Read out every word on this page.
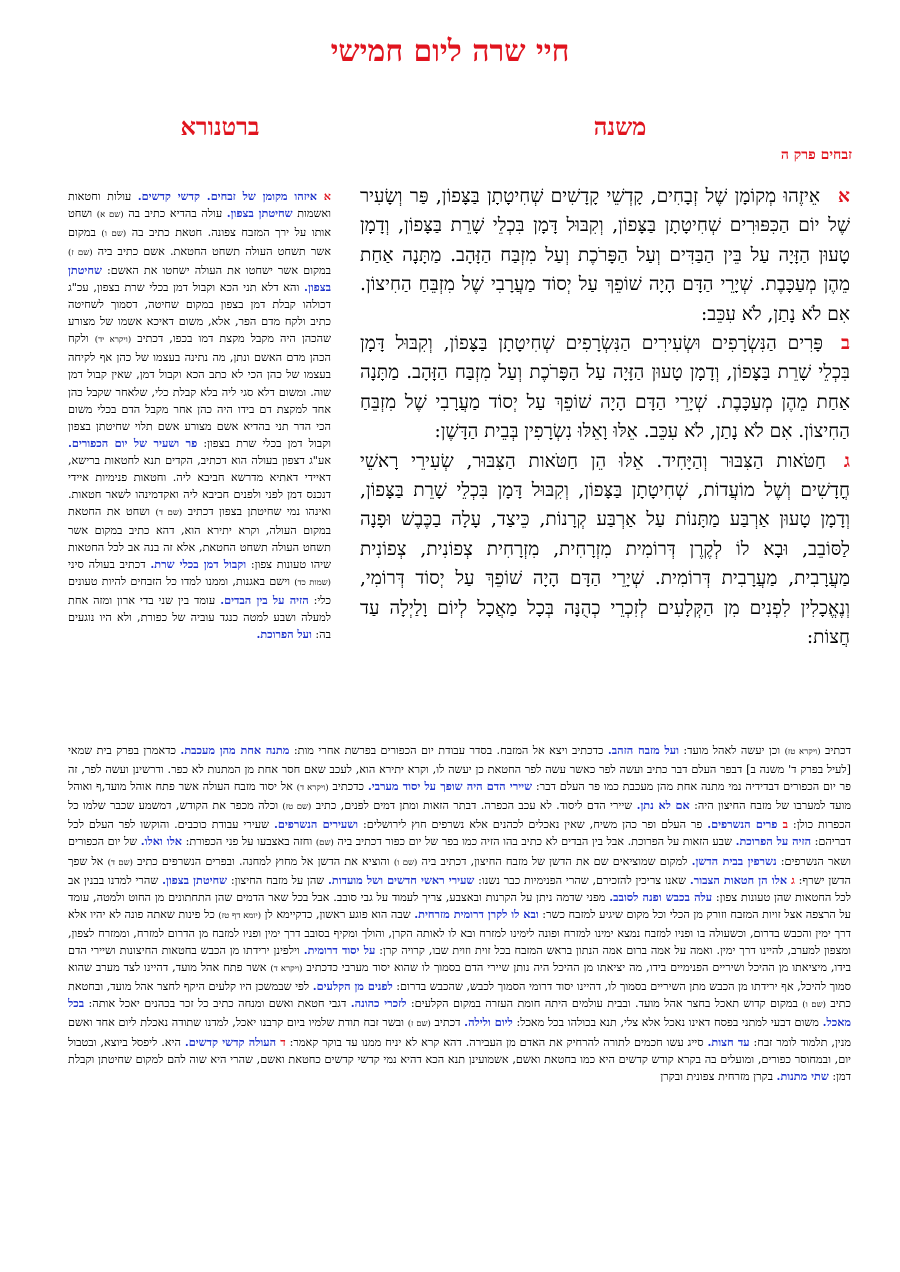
חיי שרה ליום חמישי
משנה
ברטנורא
זבחים פרק ה

אאֵיזֶהוּ מְקוֹמָן שֶׁל זְבָחִים, קָדְשֵׁי קָדָשִׁים שְׁחִיטָתָן בַּצָּפוֹן, פַּר וְשָׂעִיר שֶׁל יוֹם הַכִּפּוּרִים שְׁחִיטָתָן בַּצָּפוֹן, וְקִבּוּל דָּמָן בִּכְלֵי שָׁרֵת בַּצָּפוֹן, וְדָמָן טָעוּן הַזָּיָה עַל בֵּין הַבַּדִּים וְעַל הַפָּרֹכֶת וְעַל מִזְבַּח הַזָּהָב. מַתָּנָה אַחַת מֵהֶן מְעַכָּבֶת. שְׁיָרֵי הַדָּם הָיָה שׁוֹפֵךְ עַל יְסוֹד מַעֲרָבִי שֶׁל מִזְבֵּחַ הַחִיצוֹן. אִם לֹא נָתַן, לֹא עִכֵּב:

בפָּרִים הַנִּשְׂרָפִים וּשְׂעִירִים הַנִּשְׂרָפִים שְׁחִיטָתָן בַּצָּפוֹן, וְקִבּוּל דָּמָן בִּכְלֵי שָׁרֵת בַּצָּפוֹן, וְדָמָן טָעוּן הַזָּיָה עַל הַפָּרֹכֶת וְעַל מִזְבַּח הַזָּהָב. מַתָּנָה אַחַת מֵהֶן מְעַכָּבֶת. שְׁיָרֵי הַדָּם הָיָה שׁוֹפֵךְ עַל יְסוֹד מַעֲרָבִי שֶׁל מִזְבֵּחַ הַחִיצוֹן. אִם לֹא נָתַן, לֹא עִכֵּב. אֵלּוּ וָאֵלּוּ נִשְׂרָפִין בְּבֵית הַדָּשֶׁן:

גחַטֹּאות הַצִּבּוּר וְהַיָּחִיד. אֵלּוּ הֵן חַטֹּאות הַצִּבּוּר, שְׂעִירֵי רָאשֵׁי חֳדָשִׁים וְשֶׁל מוֹעֲדוֹת, שְׁחִיטָתָן בַּצָּפוֹן, וְקִבּוּל דָּמָן בִּכְלֵי שָׁרֵת בַּצָּפוֹן, וְדָמָן טָעוּן אַרְבַּע מַתָּנוֹת עַל אַרְבַּע קְרָנוֹת, כֵּיצַד, עָלָה בַכֶּבֶשׁ וּפָנָה לַסּוֹבֵב, וּבָא לוֹ לְקֶרֶן דְּרוֹמִית מִזְרָחִית, מִזְרָחִית צְפוֹנִית, צְפוֹנִית מַעֲרָבִית, מַעֲרָבִית דְּרוֹמִית. שְׁיָרֵי הַדָּם הָיָה שׁוֹפֵךְ עַל יְסוֹד דְּרוֹמִי, וְנֶאֱכָלִין לִפְנִים מִן הַקְּלָעִים לְזִכְרֵי כְהֻנָּה בְּכָל מַאֲכָל לְיוֹם וָלַיְלָה עַד חֲצוֹת:

א איזהו מקומן של זבחים. קדשי קדשים. עולות וחטאות ואשמות שחיטתן בצפון. עולה בהדיא כתיב בה (שם א) ושחט אותו על ירך המזבח צפונה. חטאת כתיב בה (שם ו) במקום אשר תשחט העולה תשחט החטאת. אשם כתיב ביה (שם ז) במקום אשר ישחטו את העולה ישחטו את האשם: שחיטתן בצפון. והא דלא תני הכא וקבול דמן בכלי שרת בצפון, עכ"ג דכולהו קבלת דמן בצפון במקום שחיטה, דסמוך לשחיטה כתיב ולקח מדם הפר, אלא, משום דאיכא אשמו של מצורע שהכהן היה מקבל מקצת דמו בכפו, דכתיב (ויקרא יד) ולקח הכהן מדם האשם ונתן, מה נתינה בעצמו של כהן אף לקיחה בעצמו של כהן הכי לא כתב הכא וקבול דמן, שאין קבול דמן שוה. ומשום דלא סגי ליה בלא קבלת כלי, שלאחר שקבל כהן אחד למקצת דם בידו היה כהן אחר מקבל הדם בכלי משום הכי הדר תני בהדיא אשם מצורע אשם תלוי שחיטתן בצפון וקבול דמן בכלי שרת בצפון: פר ושעיר של יום הכפורים. אע"ג דצפון בעולה הוא דכתיב, הקדים תנא לחטאות ברישא, דאיידי דאתיא מדרשא חביבא ליה. וחטאות פנימיות איידי דנכנס דמן לפני ולפנים חביבא ליה ואקדמינהו לשאר חטאות. ואינהו נמי שחיטתן בצפון דכתיב (שם ד) ושחט את החטאת במקום העולה, וקרא יתירא הוא, דהא כתיב במקום אשר תשחט העולה תשחט החטאת, אלא זה בנה אב לכל החטאות שיהו טעונות צפון: וקבול דמן בכלי שרת. דכתיב בעולה סיני (שמות כד) וישם באגנות, וממנו למדו כל הזבחים להיות טעונים כלי: הזיה על בין הבדים. עומד בין שני בדי ארון ומזה אחת למעלה ושבע למטה כנגד עוביה של כפורת, ולא היו נוגעים בה: ועל הפרוכת.
דכתיב (ויקרא טז) וכן יעשה לאהל מועד: ועל מזבח הזהב. כדכתיב ויצא אל המזבח. בסדר עבודת יום הכפורים בפרשת אחרי מות: מתנה אחת מהן מעכבת. כדאמרן בפרק בית שמאי [לעיל בפרק ד' משנה ב] דבפר העלם דבר כתיב ועשה לפר כאשר עשה לפר החטאת כן יעשה לו, וקרא יתירא הוא, לעכב שאם חסר אחת מן המתנות לא כפר. ודרשינן ועשה לפר, זה פר יום הכפורים דבדידיה נמי מתנה אחת מהן מעכבת כמו פר העלם דבר: שיירי הדם היה שופך על יסוד מערבי. כדכתיב (ויקרא ד) אל יסוד מזבח העולה אשר פתח אוהל מועד,ף ואוהל מועד למערבו של מזבח החיצון היה: אם לא נתן. שיירי הדם ליסוד. לא עכב הכפרה. דבתר הזאות ומתן דמים לפנים, כתיב (שם טז) וכלה מכפר את הקודש, דמשמע שכבר שלמו כל הכפרות כולן: ב פרים הנשרפים. פר העלם ופר כהן משיח, שאין נאכלים לכהנים אלא נשרפים חוץ לירושלים: ושעירים הנשרפים. שעירי עבודת כוכבים. והוקשו לפר העלם לכל דבריהם: הזיה על הפרוכת. שבע הזאות על הפרוכת. אבל בין הבדים לא כתיב בהו הזיה כמו בפר של יום כפור דכתיב ביה (שם) וחזה באצבעו על פני הכפורת: אלו ואלו. של יום הכפורים ושאר הנשרפים: נשרפין בבית הדשן. למקום שמוציאים שם את הדשן של מזבח החיצון, דכתיב ביה (שם ו) והוציא את הדשן אל מחוץ למחנה. ובפרים הנשרפים כתיב (שם ד) אל שפך הדשן ישרף: ג אלו הן חטאות הצבור. שאנו צריכין להזכירם, שהרי הפנימיות כבר נשנו: שעירי ראשי חדשים ושל מועדות. שהן על מזבח החיצון: שחיטתן בצפון. שהרי למדנו בבנין אב לכל החטאות שהן טעונות צפון: עלה בכבש ופנה לסובב. מפני שדמה ניתן על הקרנות ובאצבע, צריך לעמוד על גבי סובב. אבל בכל שאר הדמים שהן התחתונים מן החוט ולמטה, עומד על הרצפה אצל זויות המזבח וזורק מן הכלי וכל מקום שיגיע למזבח כשר: ובא לו לקרן דרומית מזרחית. שבה הוא פוגע ראשון, כדקיימא לן (יומא דף טז) כל פינות שאתה פונה לא יהיו אלא דרך ימין והכבש בדרום, וכשעולה בו ופניו למזבח נמצא ימינו למזרח ופונה לימינו למזרח ובא לו לאותה הקרן, והולך ומקיף בסובב דרך ימין ופניו למזבח מן הדרום למזרח, וממזרח לצפון, ומצפון למערב, להיינו דרך ימין. ואמה על אמה ברום אמה הנתון בראש המזבח בכל זוית וזוית שבו, קרויה קרן: על יסוד דרומית. וילפינן ירידתו מן הכבש בחטאות החיצונות ושיירי הדם בידו, מיציאתו מן ההיכל ושיריים הפנימיים בידו, מה יציאתו מן ההיכל היה נותן שיירי הדם בסמוך לו שהוא יסוד מערבי כדכתיב (ויקרא ד) אשר פתח אהל מועד, דהיינו לצד מערב שהוא סמוך להיכל, אף ירידתו מן הכבש מתן השיריים בסמוך לו, דהיינו יסוד דרומי הסמוך לכבש, שהכבש בדרום: לפנים מן הקלעים. לפי שבמשכן היו קלעים היקף לחצר אהל מועד, ובחטאת כתיב (שם ו) במקום קדוש תאכל בחצר אהל מועד. ובבית עולמים היתה חומת העזרה במקום הקלעים: לזכרי כהונה. דגבי חטאת ואשם ומנחה כתיב כל זכר בכהנים יאכל אותה: בכל מאכל. משום דבעי למתני בפסח דאינו נאכל אלא צלי, תנא בכולהו בכל מאכל: ליום ולילה. דכתיב (שם ז) ובשר זבח תודת שלמיו ביום קרבנו יאכל, למדנו שתודה נאכלת ליום אחד ואשם מנין, תלמוד לומר זבח: עד חצות. סייג עשו חכמים לתורה להרחיק את האדם מן העבירה. דהא קרא לא יניח ממנו עד בוקר קאמר: ד העולה קדשי קדשים. היא. ליפסל ביוצא, ובטבול יום, ובמחוסר כפורים, ומועלים בה בקרא קודש קדשים היא כמו בחטאת ואשם, אשמועינן תנא הכא דהיא נמי קדשי קדשים כחטאת ואשם, שהרי היא שוה להם למקום שחיטתן וקבלת דמן: שתי מתנות. בקרן מזרחית צפונית ובקרן
